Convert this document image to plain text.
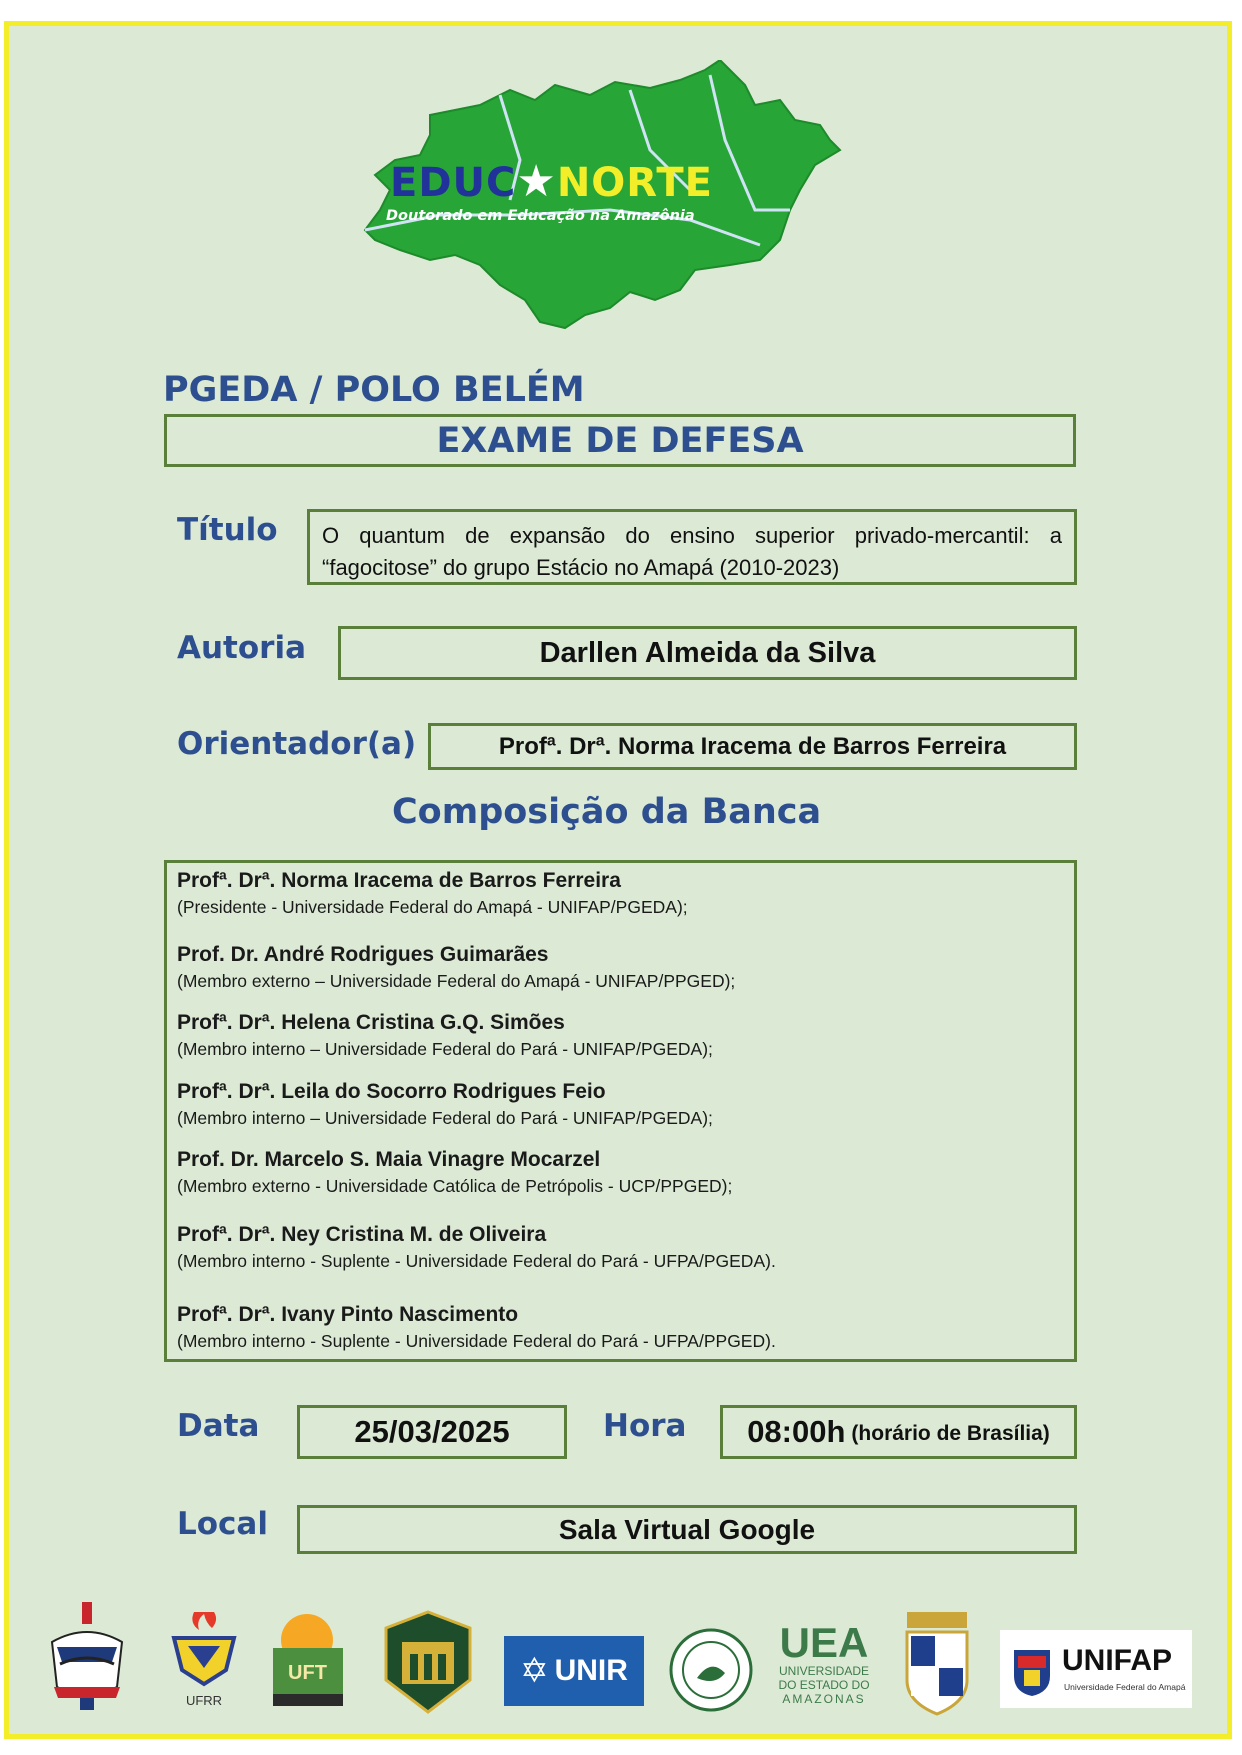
EDUC★NORTE
Doutorado em Educação na Amazônia
PGEDA / POLO BELÉM
EXAME DE DEFESA
Título O quantum de expansão do ensino superior privado-mercantil: a “fagocitose” do grupo Estácio no Amapá (2010-2023)
Autoria	Darllen Almeida da Silva
Orientador(a)	Profª. Drª. Norma Iracema de Barros Ferreira
Composição da Banca
Profª. Drª. Norma Iracema de Barros Ferreira
(Presidente - Universidade Federal do Amapá - UNIFAP/PGEDA);
Prof. Dr. André Rodrigues Guimarães
(Membro externo – Universidade Federal do Amapá - UNIFAP/PPGED);
Profª. Drª. Helena Cristina G.Q. Simões
(Membro interno – Universidade Federal do Pará - UNIFAP/PGEDA);
Profª. Drª. Leila do Socorro Rodrigues Feio
(Membro interno – Universidade Federal do Pará - UNIFAP/PGEDA);
Prof. Dr. Marcelo S. Maia Vinagre Mocarzel
(Membro externo - Universidade Católica de Petrópolis - UCP/PPGED);
Profª. Drª. Ney Cristina M. de Oliveira
(Membro interno - Suplente - Universidade Federal do Pará - UFPA/PGEDA).
Profª. Drª. Ivany Pinto Nascimento
(Membro interno - Suplente - Universidade Federal do Pará - UFPA/PPGED).
Data	25/03/2025	Hora 08:00h (horário de Brasília)
Local	Sala Virtual Google
UFRR
UFT	✡ UNIR
UEA
UNIVERSIDADE
DO ESTADO DO
AMAZONAS
UNIFAP
Universidade Federal do Amapá
